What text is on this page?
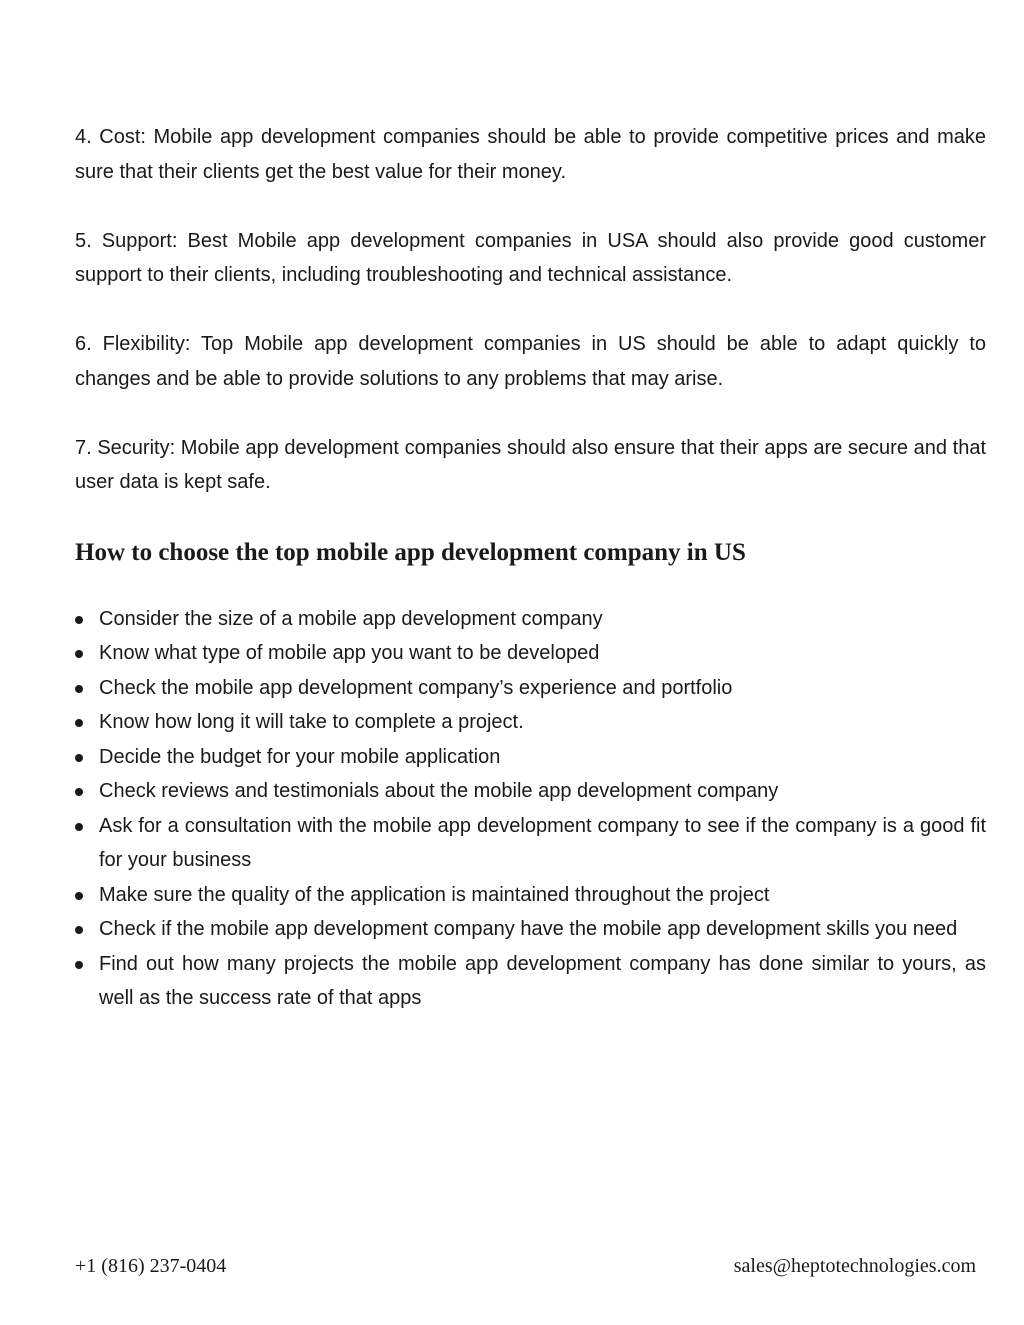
4. Cost: Mobile app development companies should be able to provide competitive prices and make sure that their clients get the best value for their money.

5. Support: Best Mobile app development companies in USA should also provide good customer support to their clients, including troubleshooting and technical assistance.

6. Flexibility: Top Mobile app development companies in US should be able to adapt quickly to changes and be able to provide solutions to any problems that may arise.

7. Security: Mobile app development companies should also ensure that their apps are secure and that user data is kept safe.

How to choose the top mobile app development company in US
Consider the size of a mobile app development company
Know what type of mobile app you want to be developed
Check the mobile app development company’s experience and portfolio
Know how long it will take to complete a project.
Decide the budget for your mobile application
Check reviews and testimonials about the mobile app development company
Ask for a consultation with the mobile app development company to see if the company is a good fit for your business
Make sure the quality of the application is maintained throughout the project
Check if the mobile app development company have the mobile app development skills you need
Find out how many projects the mobile app development company has done similar to yours, as well as the success rate of that apps
+1 (816) 237-0404	sales@heptotechnologies.com
